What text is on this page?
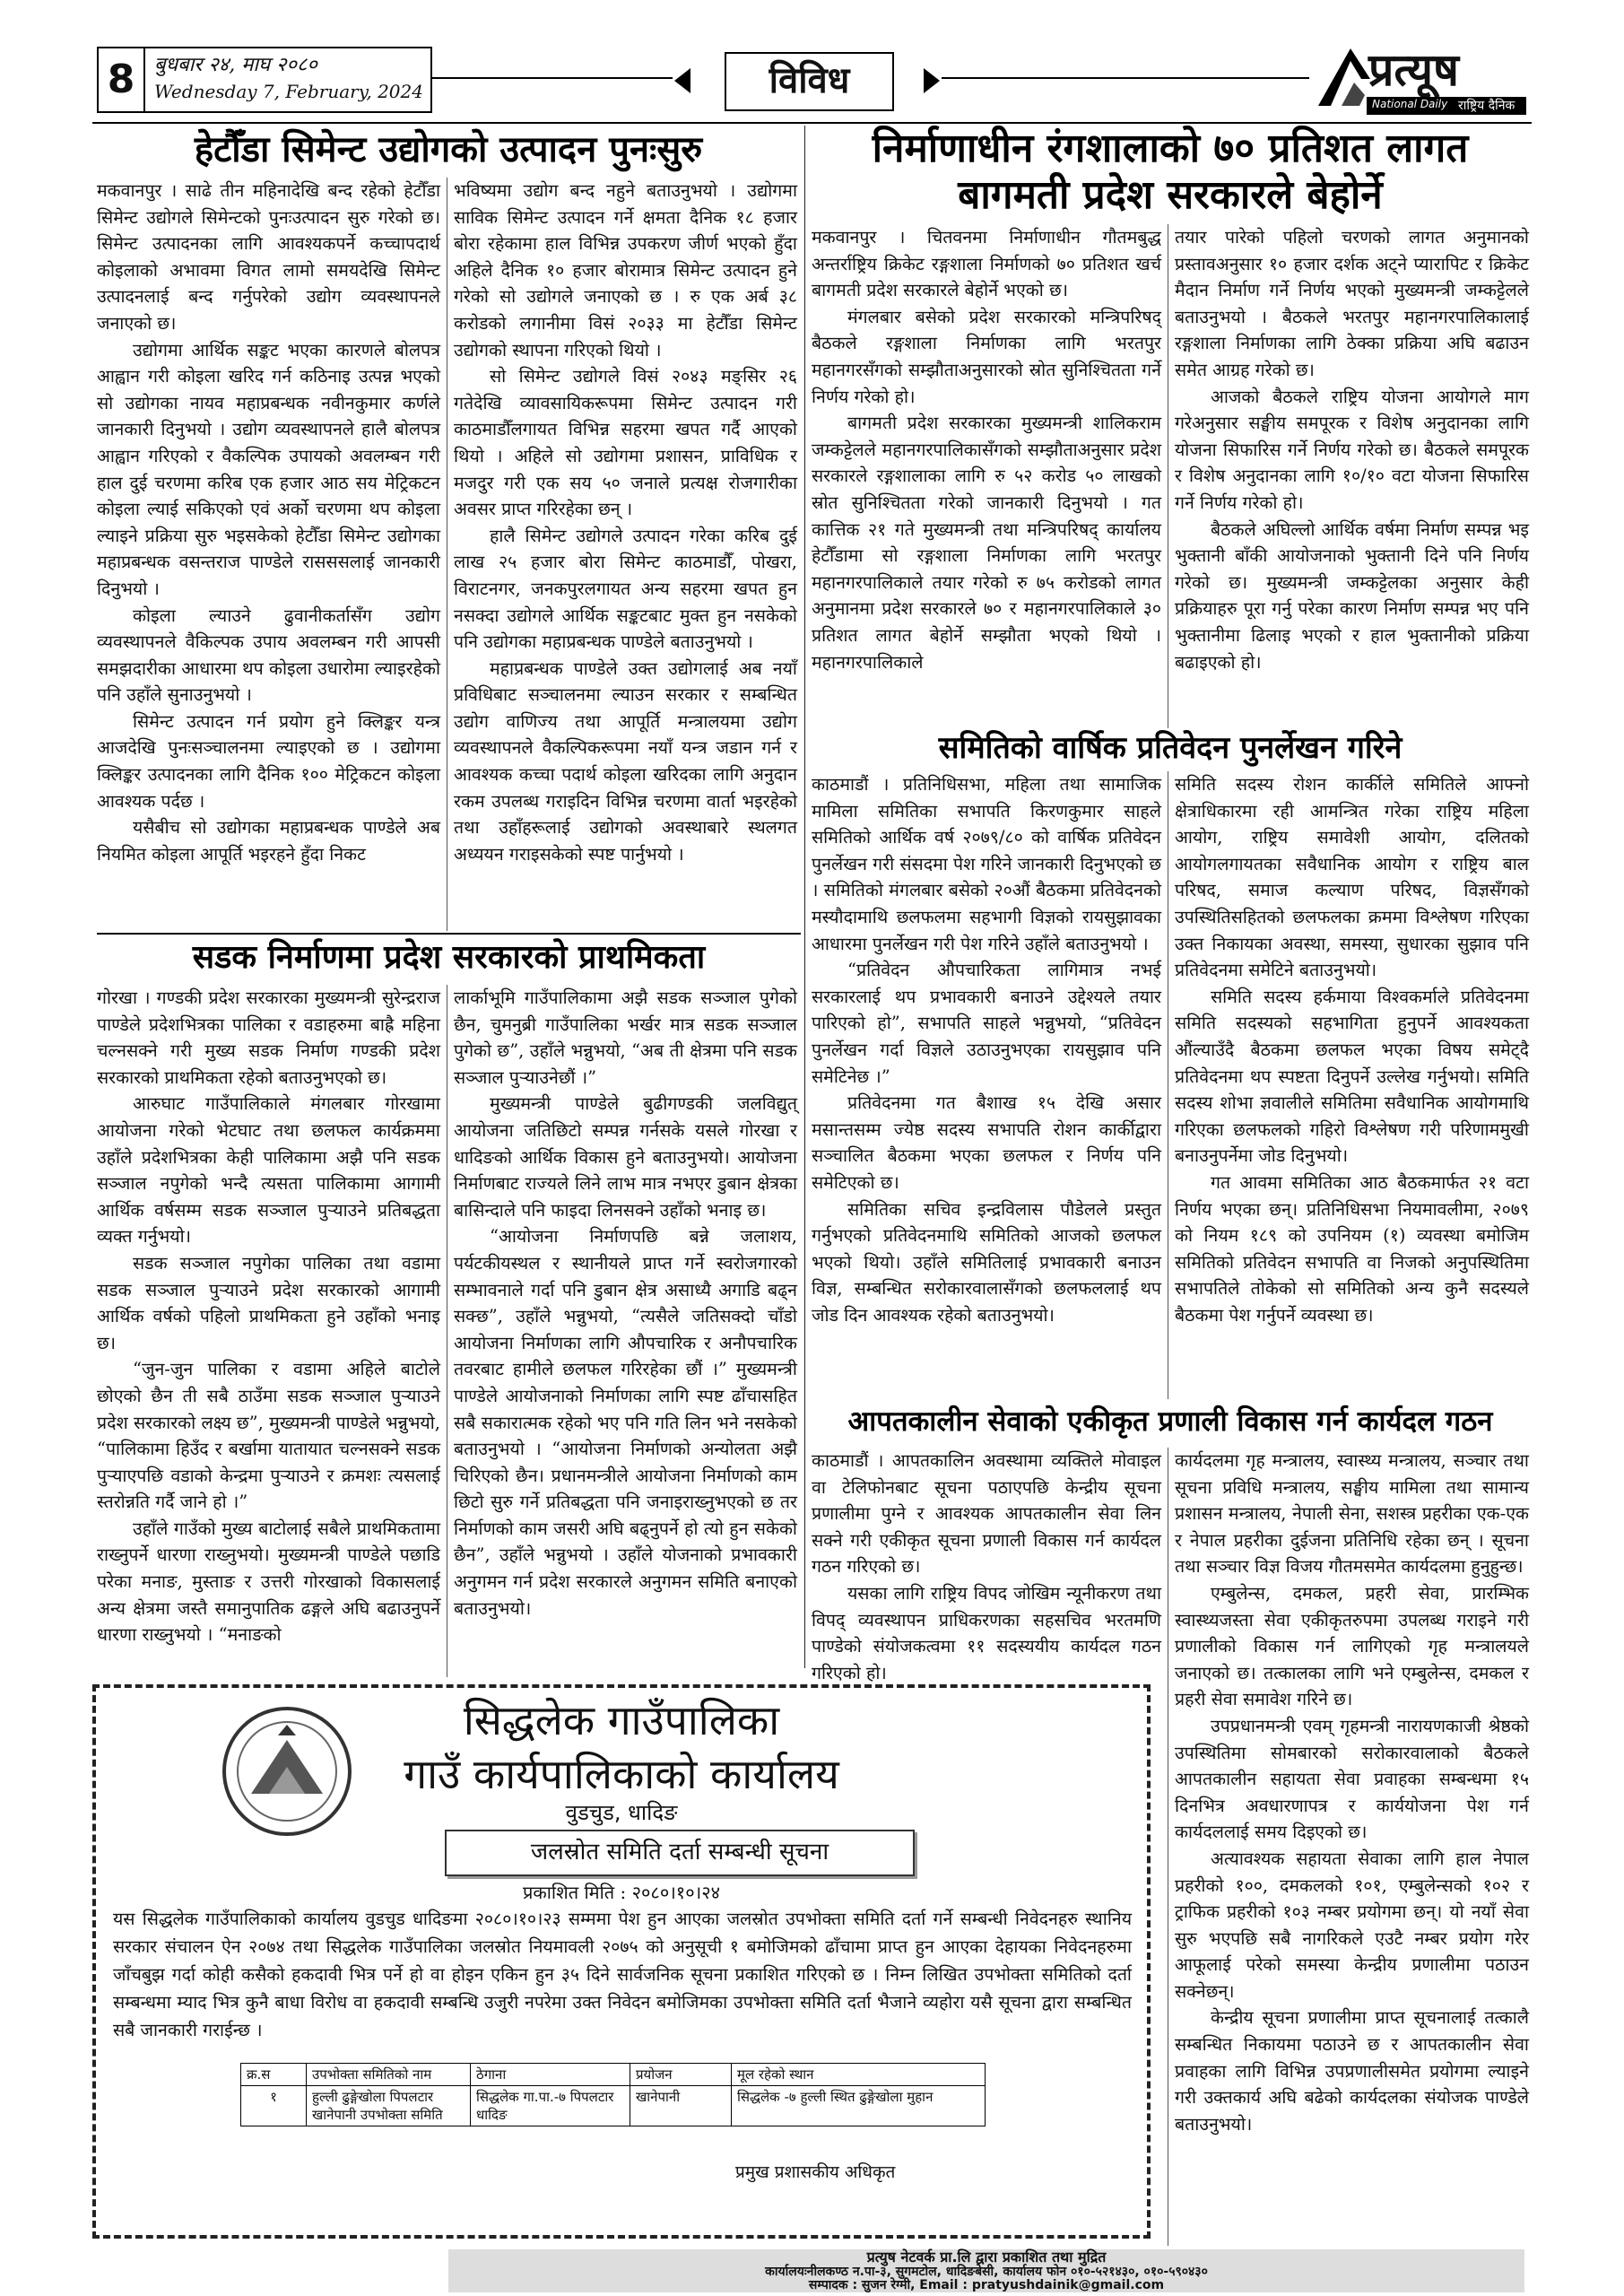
8 बुधबार २४, माघ २०८०
Wednesday 7, February, 2024	विविध	प्रत्यूष
National Daily राष्ट्रिय दैनिक
हेटौँडा सिमेन्ट उद्योगको उत्पादन पुनःसुरु

मकवानपुर । साढे तीन महिनादेखि बन्द रहेको हेटौँडा सिमेन्ट उद्योगले सिमेन्टको पुनःउत्पादन सुरु गरेको छ। सिमेन्ट उत्पादनका लागि आवश्यकपर्ने कच्चापदार्थ कोइलाको अभावमा विगत लामो समयदेखि सिमेन्ट उत्पादनलाई बन्द गर्नुपरेको उद्योग व्यवस्थापनले जनाएको छ।

उद्योगमा आर्थिक सङ्कट भएका कारणले बोलपत्र आह्वान गरी कोइला खरिद गर्न कठिनाइ उत्पन्न भएको सो उद्योगका नायव महाप्रबन्धक नवीनकुमार कर्णले जानकारी दिनुभयो । उद्योग व्यवस्थापनले हालै बोलपत्र आह्वान गरिएको र वैकल्पिक उपायको अवलम्बन गरी हाल दुई चरणमा करिब एक हजार आठ सय मेट्रिकटन कोइला ल्याई सकिएको एवं अर्को चरणमा थप कोइला ल्याइने प्रक्रिया सुरु भइसकेको हेटौँडा सिमेन्ट उद्योगका महाप्रबन्धक वसन्तराज पाण्डेले रासससलाई जानकारी दिनुभयो ।

कोइला ल्याउने ढुवानीकर्तासँग उद्योग व्यवस्थापनले वैकिल्पक उपाय अवलम्बन गरी आपसी समझदारीका आधारमा थप कोइला उधारोमा ल्याइरहेको पनि उहाँले सुनाउनुभयो ।

सिमेन्ट उत्पादन गर्न प्रयोग हुने क्लिङ्कर यन्त्र आजदेखि पुनःसञ्चालनमा ल्याइएको छ । उद्योगमा क्लिङ्कर उत्पादनका लागि दैनिक १०० मेट्रिकटन कोइला आवश्यक पर्दछ ।

यसैबीच सो उद्योगका महाप्रबन्धक पाण्डेले अब नियमित कोइला आपूर्ति भइरहने हुँदा निकट

भविष्यमा उद्योग बन्द नहुने बताउनुभयो । उद्योगमा साविक सिमेन्ट उत्पादन गर्ने क्षमता दैनिक १८ हजार बोरा रहेकामा हाल विभिन्न उपकरण जीर्ण भएको हुँदा अहिले दैनिक १० हजार बोरामात्र सिमेन्ट उत्पादन हुने गरेको सो उद्योगले जनाएको छ । रु एक अर्ब ३८ करोडको लगानीमा विसं २०३३ मा हेटौँडा सिमेन्ट उद्योगको स्थापना गरिएको थियो ।

सो सिमेन्ट उद्योगले विसं २०४३ मङ्सिर २६ गतेदेखि व्यावसायिकरूपमा सिमेन्ट उत्पादन गरी काठमाडौँलगायत विभिन्न सहरमा खपत गर्दै आएको थियो । अहिले सो उद्योगमा प्रशासन, प्राविधिक र मजदुर गरी एक सय ५० जनाले प्रत्यक्ष रोजगारीका अवसर प्राप्त गरिरहेका छन् ।

हालै सिमेन्ट उद्योगले उत्पादन गरेका करिब दुई लाख २५ हजार बोरा सिमेन्ट काठमाडौँ, पोखरा, विराटनगर, जनकपुरलगायत अन्य सहरमा खपत हुन नसक्दा उद्योगले आर्थिक सङ्कटबाट मुक्त हुन नसकेको पनि उद्योगका महाप्रबन्धक पाण्डेले बताउनुभयो ।

महाप्रबन्धक पाण्डेले उक्त उद्योगलाई अब नयाँ प्रविधिबाट सञ्चालनमा ल्याउन सरकार र सम्बन्धित उद्योग वाणिज्य तथा आपूर्ति मन्त्रालयमा उद्योग व्यवस्थापनले वैकल्पिकरूपमा नयाँ यन्त्र जडान गर्न र आवश्यक कच्चा पदार्थ कोइला खरिदका लागि अनुदान रकम उपलब्ध गराइदिन विभिन्न चरणमा वार्ता भइरहेको तथा उहाँहरूलाई उद्योगको अवस्थाबारे स्थलगत अध्ययन गराइसकेको स्पष्ट पार्नुभयो ।

निर्माणाधीन रंगशालाको ७० प्रतिशत लागत
बागमती प्रदेश सरकारले बेहोर्ने

मकवानपुर । चितवनमा निर्माणाधीन गौतमबुद्ध अन्तर्राष्ट्रिय क्रिकेट रङ्गशाला निर्माणको ७० प्रतिशत खर्च बागमती प्रदेश सरकारले बेहोर्ने भएको छ।

मंगलबार बसेको प्रदेश सरकारको मन्त्रिपरिषद् बैठकले रङ्गशाला निर्माणका लागि भरतपुर महानगरसँगको सम्झौताअनुसारको स्रोत सुनिश्चितता गर्ने निर्णय गरेको हो।

बागमती प्रदेश सरकारका मुख्यमन्त्री शालिकराम जम्कट्टेलले महानगरपालिकासँगको सम्झौताअनुसार प्रदेश सरकारले रङ्गशालाका लागि रु ५२ करोड ५० लाखको स्रोत सुनिश्चितता गरेको जानकारी दिनुभयो । गत कात्तिक २१ गते मुख्यमन्त्री तथा मन्त्रिपरिषद् कार्यालय हेटौँडामा सो रङ्गशाला निर्माणका लागि भरतपुर महानगरपालिकाले तयार गरेको रु ७५ करोडको लागत अनुमानमा प्रदेश सरकारले ७० र महानगरपालिकाले ३० प्रतिशत लागत बेहोर्ने सम्झौता भएको थियो । महानगरपालिकाले

तयार पारेको पहिलो चरणको लागत अनुमानको प्रस्तावअनुसार १० हजार दर्शक अट्ने प्यारापिट र क्रिकेट मैदान निर्माण गर्ने निर्णय भएको मुख्यमन्त्री जम्कट्टेलले बताउनुभयो । बैठकले भरतपुर महानगरपालिकालाई रङ्गशाला निर्माणका लागि ठेक्का प्रक्रिया अघि बढाउन समेत आग्रह गरेको छ।

आजको बैठकले राष्ट्रिय योजना आयोगले माग गरेअनुसार सङ्घीय समपूरक र विशेष अनुदानका लागि योजना सिफारिस गर्ने निर्णय गरेको छ। बैठकले समपूरक र विशेष अनुदानका लागि १०/१० वटा योजना सिफारिस गर्ने निर्णय गरेको हो।

बैठकले अघिल्लो आर्थिक वर्षमा निर्माण सम्पन्न भइ भुक्तानी बाँकी आयोजनाको भुक्तानी दिने पनि निर्णय गरेको छ। मुख्यमन्त्री जम्कट्टेलका अनुसार केही प्रक्रियाहरु पूरा गर्नु परेका कारण निर्माण सम्पन्न भए पनि भुक्तानीमा ढिलाइ भएको र हाल भुक्तानीको प्रक्रिया बढाइएको हो।

समितिको वार्षिक प्रतिवेदन पुनर्लेखन गरिने

काठमाडौं । प्रतिनिधिसभा, महिला तथा सामाजिक मामिला समितिका सभापति किरणकुमार साहले समितिको आर्थिक वर्ष २०७९/८० को वार्षिक प्रतिवेदन पुनर्लेखन गरी संसदमा पेश गरिने जानकारी दिनुभएको छ । समितिको मंगलबार बसेको २०औं बैठकमा प्रतिवेदनको मस्यौदामाथि छलफलमा सहभागी विज्ञको रायसुझावका आधारमा पुनर्लेखन गरी पेश गरिने उहाँले बताउनुभयो ।

“प्रतिवेदन औपचारिकता लागिमात्र नभई सरकारलाई थप प्रभावकारी बनाउने उद्देश्यले तयार पारिएको हो”, सभापति साहले भन्नुभयो, “प्रतिवेदन पुनर्लेखन गर्दा विज्ञले उठाउनुभएका रायसुझाव पनि समेटिनेछ ।”

प्रतिवेदनमा गत बैशाख १५ देखि असार मसान्तसम्म ज्येष्ठ सदस्य सभापति रोशन कार्कीद्वारा सञ्चालित बैठकमा भएका छलफल र निर्णय पनि समेटिएको छ।

समितिका सचिव इन्द्रविलास पौडेलले प्रस्तुत गर्नुभएको प्रतिवेदनमाथि समितिको आजको छलफल भएको थियो। उहाँले समितिलाई प्रभावकारी बनाउन विज्ञ, सम्बन्धित सरोकारवालासँगको छलफललाई थप जोड दिन आवश्यक रहेको बताउनुभयो।

समिति सदस्य रोशन कार्कीले समितिले आफ्नो क्षेत्राधिकारमा रही आमन्त्रित गरेका राष्ट्रिय महिला आयोग, राष्ट्रिय समावेशी आयोग, दलितको आयोगलगायतका सवैधानिक आयोग र राष्ट्रिय बाल परिषद, समाज कल्याण परिषद, विज्ञसँगको उपस्थितिसहितको छलफलका क्रममा विश्लेषण गरिएका उक्त निकायका अवस्था, समस्या, सुधारका सुझाव पनि प्रतिवेदनमा समेटिने बताउनुभयो।

समिति सदस्य हर्कमाया विश्वकर्माले प्रतिवेदनमा समिति सदस्यको सहभागिता हुनुपर्ने आवश्यकता औंल्याउँदै बैठकमा छलफल भएका विषय समेट्दै प्रतिवेदनमा थप स्पष्टता दिनुपर्ने उल्लेख गर्नुभयो। समिति सदस्य शोभा ज्ञवालीले समितिमा सवैधानिक आयोगमाथि गरिएका छलफलको गहिरो विश्लेषण गरी परिणाममुखी बनाउनुपर्नेमा जोड दिनुभयो।

गत आवमा समितिका आठ बैठकमार्फत २१ वटा निर्णय भएका छन्। प्रतिनिधिसभा नियमावलीमा, २०७९ को नियम १८९ को उपनियम (१) व्यवस्था बमोजिम समितिको प्रतिवेदन सभापति वा निजको अनुपस्थितिमा सभापतिले तोकेको सो समितिको अन्य कुनै सदस्यले बैठकमा पेश गर्नुपर्ने व्यवस्था छ।

आपतकालीन सेवाको एकीकृत प्रणाली विकास गर्न कार्यदल गठन

काठमाडौं । आपतकालिन अवस्थामा व्यक्तिले मोवाइल वा टेलिफोनबाट सूचना पठाएपछि केन्द्रीय सूचना प्रणालीमा पुग्ने र आवश्यक आपतकालीन सेवा लिन सक्ने गरी एकीकृत सूचना प्रणाली विकास गर्न कार्यदल गठन गरिएको छ।

यसका लागि राष्ट्रिय विपद जोखिम न्यूनीकरण तथा विपद् व्यवस्थापन प्राधिकरणका सहसचिव भरतमणि पाण्डेको संयोजकत्वमा ११ सदस्ययीय कार्यदल गठन गरिएको हो।

कार्यदलमा गृह मन्त्रालय, स्वास्थ्य मन्त्रालय, सञ्चार तथा सूचना प्रविधि मन्त्रालय, सङ्घीय मामिला तथा सामान्य प्रशासन मन्त्रालय, नेपाली सेना, सशस्त्र प्रहरीका एक-एक र नेपाल प्रहरीका दुईजना प्रतिनिधि रहेका छन् । सूचना तथा सञ्चार विज्ञ विजय गौतमसमेत कार्यदलमा हुनुहुन्छ।

एम्बुलेन्स, दमकल, प्रहरी सेवा, प्रारम्भिक स्वास्थ्यजस्ता सेवा एकीकृतरुपमा उपलब्ध गराइने गरी प्रणालीको विकास गर्न लागिएको गृह मन्त्रालयले जनाएको छ। तत्कालका लागि भने एम्बुलेन्स, दमकल र प्रहरी सेवा समावेश गरिने छ।

उपप्रधानमन्त्री एवम् गृहमन्त्री नारायणकाजी श्रेष्ठको उपस्थितिमा सोमबारको सरोकारवालाको बैठकले आपतकालीन सहायता सेवा प्रवाहका सम्बन्धमा १५ दिनभित्र अवधारणापत्र र कार्ययोजना पेश गर्न कार्यदललाई समय दिइएको छ।

अत्यावश्यक सहायता सेवाका लागि हाल नेपाल प्रहरीको १००, दमकलको १०१, एम्बुलेन्सको १०२ र ट्राफिक प्रहरीको १०३ नम्बर प्रयोगमा छन्। यो नयाँ सेवा सुरु भएपछि सबै नागरिकले एउटै नम्बर प्रयोग गरेर आफूलाई परेको समस्या केन्द्रीय प्रणालीमा पठाउन सक्नेछन्।

केन्द्रीय सूचना प्रणालीमा प्राप्त सूचनालाई तत्कालै सम्बन्धित निकायमा पठाउने छ र आपतकालीन सेवा प्रवाहका लागि विभिन्न उपप्रणालीसमेत प्रयोगमा ल्याइने गरी उक्तकार्य अघि बढेको कार्यदलका संयोजक पाण्डेले बताउनुभयो।

सडक निर्माणमा प्रदेश सरकारको प्राथमिकता

गोरखा । गण्डकी प्रदेश सरकारका मुख्यमन्त्री सुरेन्द्रराज पाण्डेले प्रदेशभित्रका पालिका र वडाहरुमा बाह्रै महिना चल्नसक्ने गरी मुख्य सडक निर्माण गण्डकी प्रदेश सरकारको प्राथमिकता रहेको बताउनुभएको छ।

आरुघाट गाउँपालिकाले मंगलबार गोरखामा आयोजना गरेको भेटघाट तथा छलफल कार्यक्रममा उहाँले प्रदेशभित्रका केही पालिकामा अझै पनि सडक सञ्जाल नपुगेको भन्दै त्यसता पालिकामा आगामी आर्थिक वर्षसम्म सडक सञ्जाल पुऱ्याउने प्रतिबद्धता व्यक्त गर्नुभयो।

सडक सञ्जाल नपुगेका पालिका तथा वडामा सडक सञ्जाल पुऱ्याउने प्रदेश सरकारको आगामी आर्थिक वर्षको पहिलो प्राथमिकता हुने उहाँको भनाइ छ।

“जुन-जुन पालिका र वडामा अहिले बाटोले छोएको छैन ती सबै ठाउँमा सडक सञ्जाल पुऱ्याउने प्रदेश सरकारको लक्ष्य छ”, मुख्यमन्त्री पाण्डेले भन्नुभयो, “पालिकामा हिउँद र बर्खामा यातायात चल्नसक्ने सडक पुऱ्याएपछि वडाको केन्द्रमा पुऱ्याउने र क्रमशः त्यसलाई स्तरोन्नति गर्दै जाने हो ।”

उहाँले गाउँको मुख्य बाटोलाई सबैले प्राथमिकतामा राख्नुपर्ने धारणा राख्नुभयो। मुख्यमन्त्री पाण्डेले पछाडि परेका मनाङ, मुस्ताङ र उत्तरी गोरखाको विकासलाई अन्य क्षेत्रमा जस्तै समानुपातिक ढङ्गले अघि बढाउनुपर्ने धारणा राख्नुभयो । “मनाङको

लार्काभूमि गाउँपालिकामा अझै सडक सञ्जाल पुगेको छैन, चुमनुब्री गाउँपालिका भर्खर मात्र सडक सञ्जाल पुगेको छ”, उहाँले भन्नुभयो, “अब ती क्षेत्रमा पनि सडक सञ्जाल पुऱ्याउनेछौं ।”

मुख्यमन्त्री पाण्डेले बुढीगण्डकी जलविद्युत् आयोजना जतिछिटो सम्पन्न गर्नसके यसले गोरखा र धादिङको आर्थिक विकास हुने बताउनुभयो। आयोजना निर्माणबाट राज्यले लिने लाभ मात्र नभएर डुबान क्षेत्रका बासिन्दाले पनि फाइदा लिनसक्ने उहाँको भनाइ छ।

“आयोजना निर्माणपछि बन्ने जलाशय, पर्यटकीयस्थल र स्थानीयले प्राप्त गर्ने स्वरोजगारको सम्भावनाले गर्दा पनि डुबान क्षेत्र असाध्यै अगाडि बढ्न सक्छ”, उहाँले भन्नुभयो, “त्यसैले जतिसक्दो चाँडो आयोजना निर्माणका लागि औपचारिक र अनौपचारिक तवरबाट हामीले छलफल गरिरहेका छौं ।” मुख्यमन्त्री पाण्डेले आयोजनाको निर्माणका लागि स्पष्ट ढाँचासहित सबै सकारात्मक रहेको भए पनि गति लिन भने नसकेको बताउनुभयो । “आयोजना निर्माणको अन्योलता अझै चिरिएको छैन। प्रधानमन्त्रीले आयोजना निर्माणको काम छिटो सुरु गर्ने प्रतिबद्धता पनि जनाइराख्नुभएको छ तर निर्माणको काम जसरी अघि बढ्नुपर्ने हो त्यो हुन सकेको छैन”, उहाँले भन्नुभयो । उहाँले योजनाको प्रभावकारी अनुगमन गर्न प्रदेश सरकारले अनुगमन समिति बनाएको बताउनुभयो।

सिद्धलेक गाउँपालिका
गाउँ कार्यपालिकाको कार्यालय
वुडचुड, धादिङ
जलस्रोत समिति दर्ता सम्बन्धी सूचना
प्रकाशित मिति : २०८०।१०।२४
यस सिद्धलेक गाउँपालिकाको कार्यालय वुडचुड धादिङमा २०८०।१०।२३ सम्ममा पेश हुन आएका जलस्रोत उपभोक्ता समिति दर्ता गर्ने सम्बन्धी निवेदनहरु स्थानिय सरकार संचालन ऐन २०७४ तथा सिद्धलेक गाउँपालिका जलस्रोत नियमावली २०७५ को अनुसूची १ बमोजिमको ढाँचामा प्राप्त हुन आएका देहायका निवेदनहरुमा जाँचबुझ गर्दा कोही कसैको हकदावी भित्र पर्ने हो वा होइन एकिन हुन ३५ दिने सार्वजनिक सूचना प्रकाशित गरिएको छ । निम्न लिखित उपभोक्ता समितिको दर्ता सम्बन्धमा म्याद भित्र कुनै बाधा विरोध वा हकदावी सम्बन्धि उजुरी नपरेमा उक्त निवेदन बमोजिमका उपभोक्ता समिति दर्ता भैजाने व्यहोरा यसै सूचना द्वारा सम्बन्धित सबै जानकारी गराईन्छ ।
क्र.स	उपभोक्ता समितिको नाम	ठेगाना	प्रयोजन	मूल रहेको स्थान
१	हुल्ली ढुङ्गेखोला पिपलटार खानेपानी उपभोक्ता समिति	सिद्धलेक गा.पा.-७ पिपलटार धादिङ	खानेपानी	सिद्धलेक -७ हुल्ली स्थित ढुङ्गेखोला मुहान
प्रमुख प्रशासकीय अधिकृत
प्रत्युष नेटवर्क प्रा.लि द्वारा प्रकाशित तथा मुद्रित
कार्यालयःनीलकण्ठ न.पा-३, सुगमटोल, धादिङबेसी, कार्यालय फोन ०१०-५२१४३०, ०१०-५९०४३०
सम्पादक : सुजन रेग्मी, Email : pratyushdainik@gmail.com
